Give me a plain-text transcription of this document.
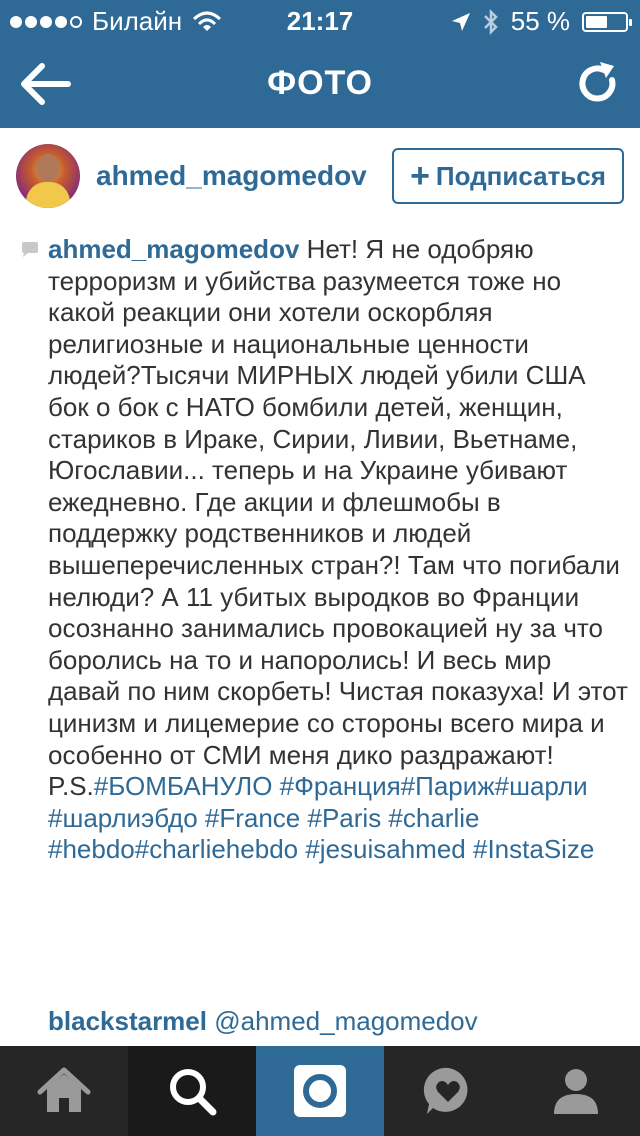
Билайн	21:17	55 %
ФОТО
ahmed_magomedov + Подписаться
ahmed_magomedov Нет! Я не одобряю терроризм и убийства разумеется тоже но какой реакции они хотели оскорбляя религиозные и национальные ценности людей?Тысячи МИРНЫХ людей убили США бок о бок с НАТО бомбили детей, женщин, стариков в Ираке, Сирии, Ливии, Вьетнаме, Югославии... теперь и на Украине убивают ежедневно. Где акции и флешмобы в поддержку родственников и людей вышеперечисленных стран?! Там что погибали нелюди? А 11 убитых выродков во Франции осознанно занимались провокацией ну за что боролись на то и напоролись! И весь мир давай по ним скорбеть! Чистая показуха! И этот цинизм и лицемерие со стороны всего мира и особенно от СМИ меня дико раздражают! P.S.#БОМБАНУЛО #Франция#Париж#шарли #шарлиэбдо #France #Paris #charlie #hebdo#charliehebdo #jesuisahmed #InstaSize
blackstarmel @ahmed_magomedov
